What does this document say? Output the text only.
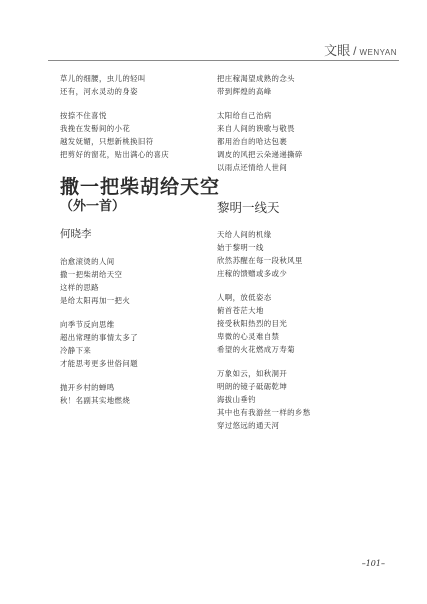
文眼 / WENYAN
草儿的细腰，虫儿的轻叫
还有，河水灵动的身姿
按捺不住喜悦
我挽在发髻间的小花
越发妩媚，只想新桃换旧符
把剪好的窗花，贴出满心的喜庆
撒一把柴胡给天空
（外一首）
何晓李
治愈滚烫的人间
撒一把柴胡给天空
这样的思路
是给太阳再加一把火
向季节反向思维
超出常理的事情太多了
冷静下来
才能思考更多世俗问题
抛开乡村的蝉鸣
秋！名副其实地燃烧
把庄稼渴望成熟的念头
带到辉煌的高峰
太阳给自己治病
来自人间的谀歌与敬畏
都用治自的哈达包裹
调皮的风把云朵递递撕碎
以雨点还情给人世间
黎明一线天
天给人间的机缘
始于黎明一线
欣然苏醒在每一段秋风里
庄稼的馈赠或多或少
人啊，放低姿态
俯首苍茫大地
接受秋阳热烈的目光
卑微的心灵难自禁
希望的火花燃成万寿菊
万象如云，如秋洞开
明朗的镜子砥砺乾坤
海拔山垂钓
其中也有我游丝一样的乡愁
穿过悠远的通天河
–101–
